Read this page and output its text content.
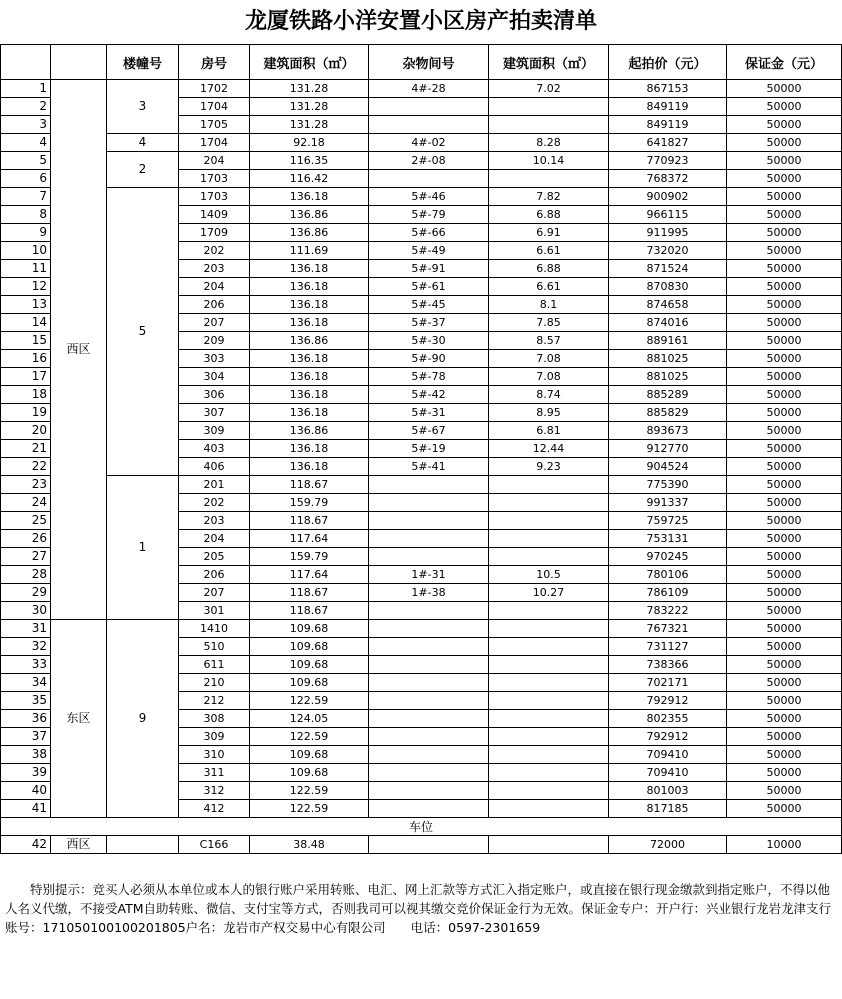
龙厦铁路小洋安置小区房产拍卖清单
		楼幢号	房号	建筑面积（㎡）	杂物间号	建筑面积（㎡）	起拍价（元）	保证金（元）
1	西区	3	1702	131.28	4#-28	7.02	867153	50000
2			1704	131.28			849119	50000
3			1705	131.28			849119	50000
4		4	1704	92.18	4#-02	8.28	641827	50000
5		2	204	116.35	2#-08	10.14	770923	50000
6			1703	116.42			768372	50000
7		5	1703	136.18	5#-46	7.82	900902	50000
8			1409	136.86	5#-79	6.88	966115	50000
9			1709	136.86	5#-66	6.91	911995	50000
10			202	111.69	5#-49	6.61	732020	50000
11			203	136.18	5#-91	6.88	871524	50000
12			204	136.18	5#-61	6.61	870830	50000
13			206	136.18	5#-45	8.1	874658	50000
14			207	136.18	5#-37	7.85	874016	50000
15			209	136.86	5#-30	8.57	889161	50000
16			303	136.18	5#-90	7.08	881025	50000
17			304	136.18	5#-78	7.08	881025	50000
18			306	136.18	5#-42	8.74	885289	50000
19			307	136.18	5#-31	8.95	885829	50000
20			309	136.86	5#-67	6.81	893673	50000
21			403	136.18	5#-19	12.44	912770	50000
22			406	136.18	5#-41	9.23	904524	50000
23		1	201	118.67			775390	50000
24			202	159.79			991337	50000
25			203	118.67			759725	50000
26			204	117.64			753131	50000
27			205	159.79			970245	50000
28			206	117.64	1#-31	10.5	780106	50000
29			207	118.67	1#-38	10.27	786109	50000
30			301	118.67			783222	50000
31	东区	9	1410	109.68			767321	50000
32			510	109.68			731127	50000
33			611	109.68			738366	50000
34			210	109.68			702171	50000
35			212	122.59			792912	50000
36			308	124.05			802355	50000
37			309	122.59			792912	50000
38			310	109.68			709410	50000
39			311	109.68			709410	50000
40			312	122.59			801003	50000
41			412	122.59			817185	50000
车位								
42	西区		C166	38.48			72000	10000
特别提示：竞买人必须从本单位或本人的银行账户采用转账、电汇、网上汇款等方式汇入指定账户，或直接在银行现金缴款到指定账户，不得以他人名义代缴，不接受ATM自助转账、微信、支付宝等方式，否则我司可以视其缴交竞价保证金行为无效。保证金专户：开户行：兴业银行龙岩龙津支行账号：171050100100201805户名：龙岩市产权交易中心有限公司　　电话：0597-2301659
